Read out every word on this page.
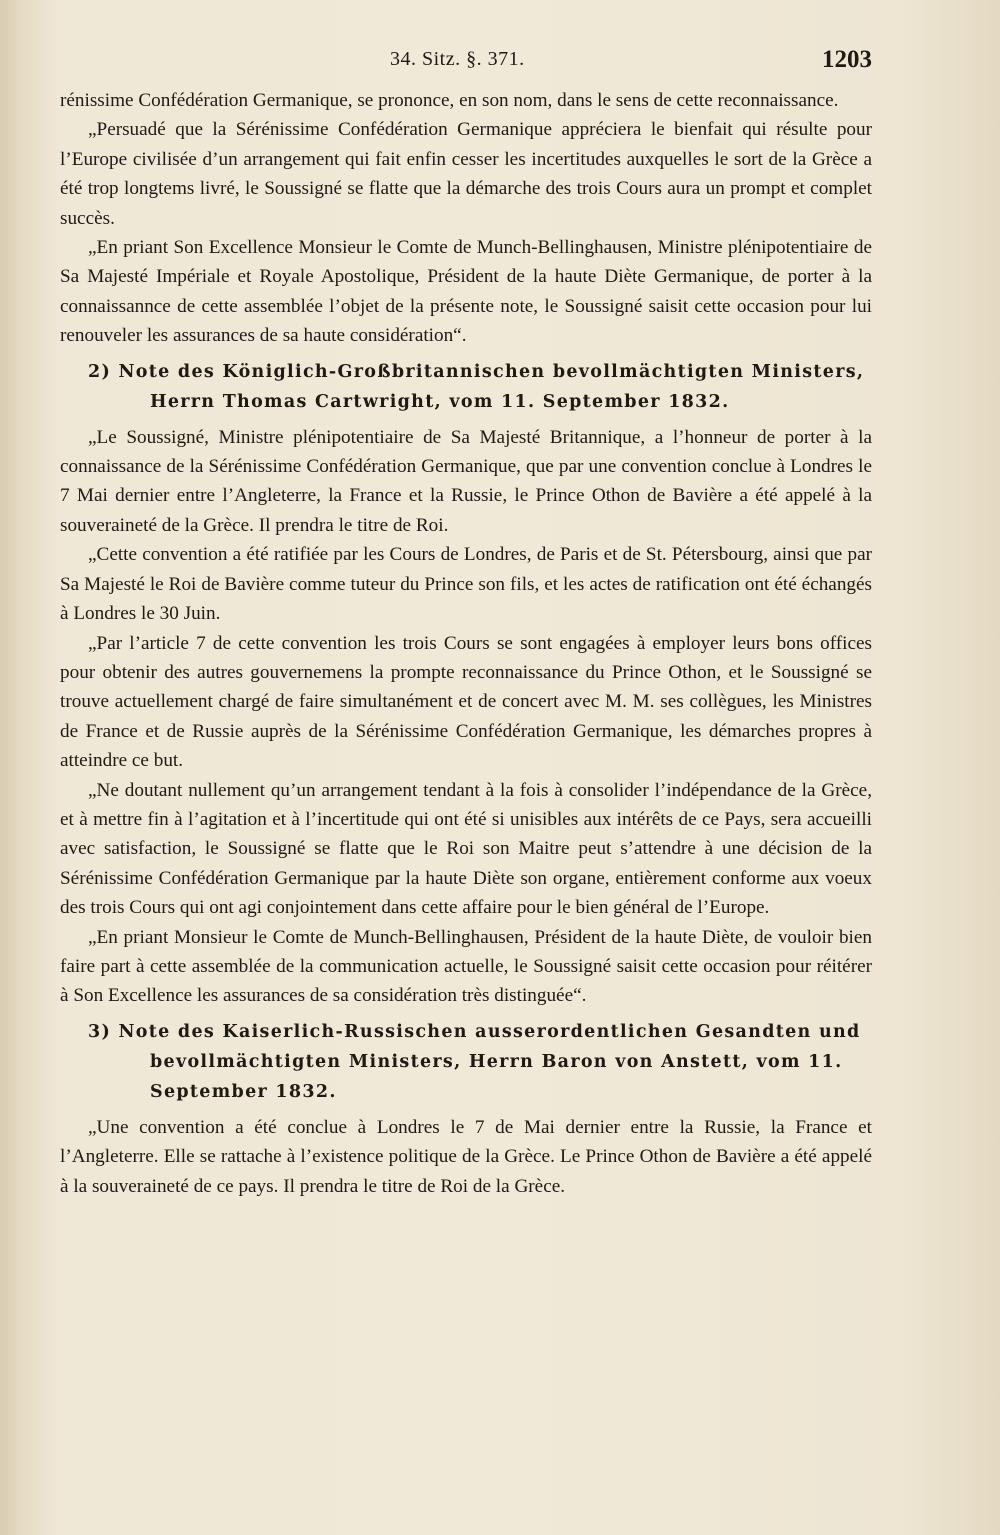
34. Sitz. §. 371.	1203

rénissime Confédération Germanique, se prononce, en son nom, dans le sens de cette reconnaissance.

„Persuadé que la Sérénissime Confédération Germanique appréciera le bienfait qui résulte pour l’Europe civilisée d’un arrangement qui fait enfin cesser les incertitudes auxquelles le sort de la Grèce a été trop longtems livré, le Soussigné se flatte que la démarche des trois Cours aura un prompt et complet succès.

„En priant Son Excellence Monsieur le Comte de Munch-Bellinghausen, Ministre plénipotentiaire de Sa Majesté Impériale et Royale Apostolique, Président de la haute Diète Germanique, de porter à la connaissannce de cette assemblée l’objet de la présente note, le Soussigné saisit cette occasion pour lui renouveler les assurances de sa haute considération“.

2) Note des Königlich-Großbritannischen bevollmächtigten Ministers, Herrn Thomas Cartwright, vom 11. September 1832.

„Le Soussigné, Ministre plénipotentiaire de Sa Majesté Britannique, a l’honneur de porter à la connaissance de la Sérénissime Confédération Germanique, que par une convention conclue à Londres le 7 Mai dernier entre l’Angleterre, la France et la Russie, le Prince Othon de Bavière a été appelé à la souveraineté de la Grèce. Il prendra le titre de Roi.

„Cette convention a été ratifiée par les Cours de Londres, de Paris et de St. Pétersbourg, ainsi que par Sa Majesté le Roi de Bavière comme tuteur du Prince son fils, et les actes de ratification ont été échangés à Londres le 30 Juin.

„Par l’article 7 de cette convention les trois Cours se sont engagées à employer leurs bons offices pour obtenir des autres gouvernemens la prompte reconnaissance du Prince Othon, et le Soussigné se trouve actuellement chargé de faire simultanément et de concert avec M. M. ses collègues, les Ministres de France et de Russie auprès de la Sérénissime Confédération Germanique, les démarches propres à atteindre ce but.

„Ne doutant nullement qu’un arrangement tendant à la fois à consolider l’indépendance de la Grèce, et à mettre fin à l’agitation et à l’incertitude qui ont été si unisibles aux intérêts de ce Pays, sera accueilli avec satisfaction, le Soussigné se flatte que le Roi son Maitre peut s’attendre à une décision de la Sérénissime Confédération Germanique par la haute Diète son organe, entièrement conforme aux voeux des trois Cours qui ont agi conjointement dans cette affaire pour le bien général de l’Europe.

„En priant Monsieur le Comte de Munch-Bellinghausen, Président de la haute Diète, de vouloir bien faire part à cette assemblée de la communication actuelle, le Soussigné saisit cette occasion pour réitérer à Son Excellence les assurances de sa considération très distinguée“.

3) Note des Kaiserlich-Russischen ausserordentlichen Gesandten und bevollmächtigten Ministers, Herrn Baron von Anstett, vom 11. September 1832.

„Une convention a été conclue à Londres le 7 de Mai dernier entre la Russie, la France et l’Angleterre. Elle se rattache à l’existence politique de la Grèce. Le Prince Othon de Bavière a été appelé à la souveraineté de ce pays. Il prendra le titre de Roi de la Grèce.
